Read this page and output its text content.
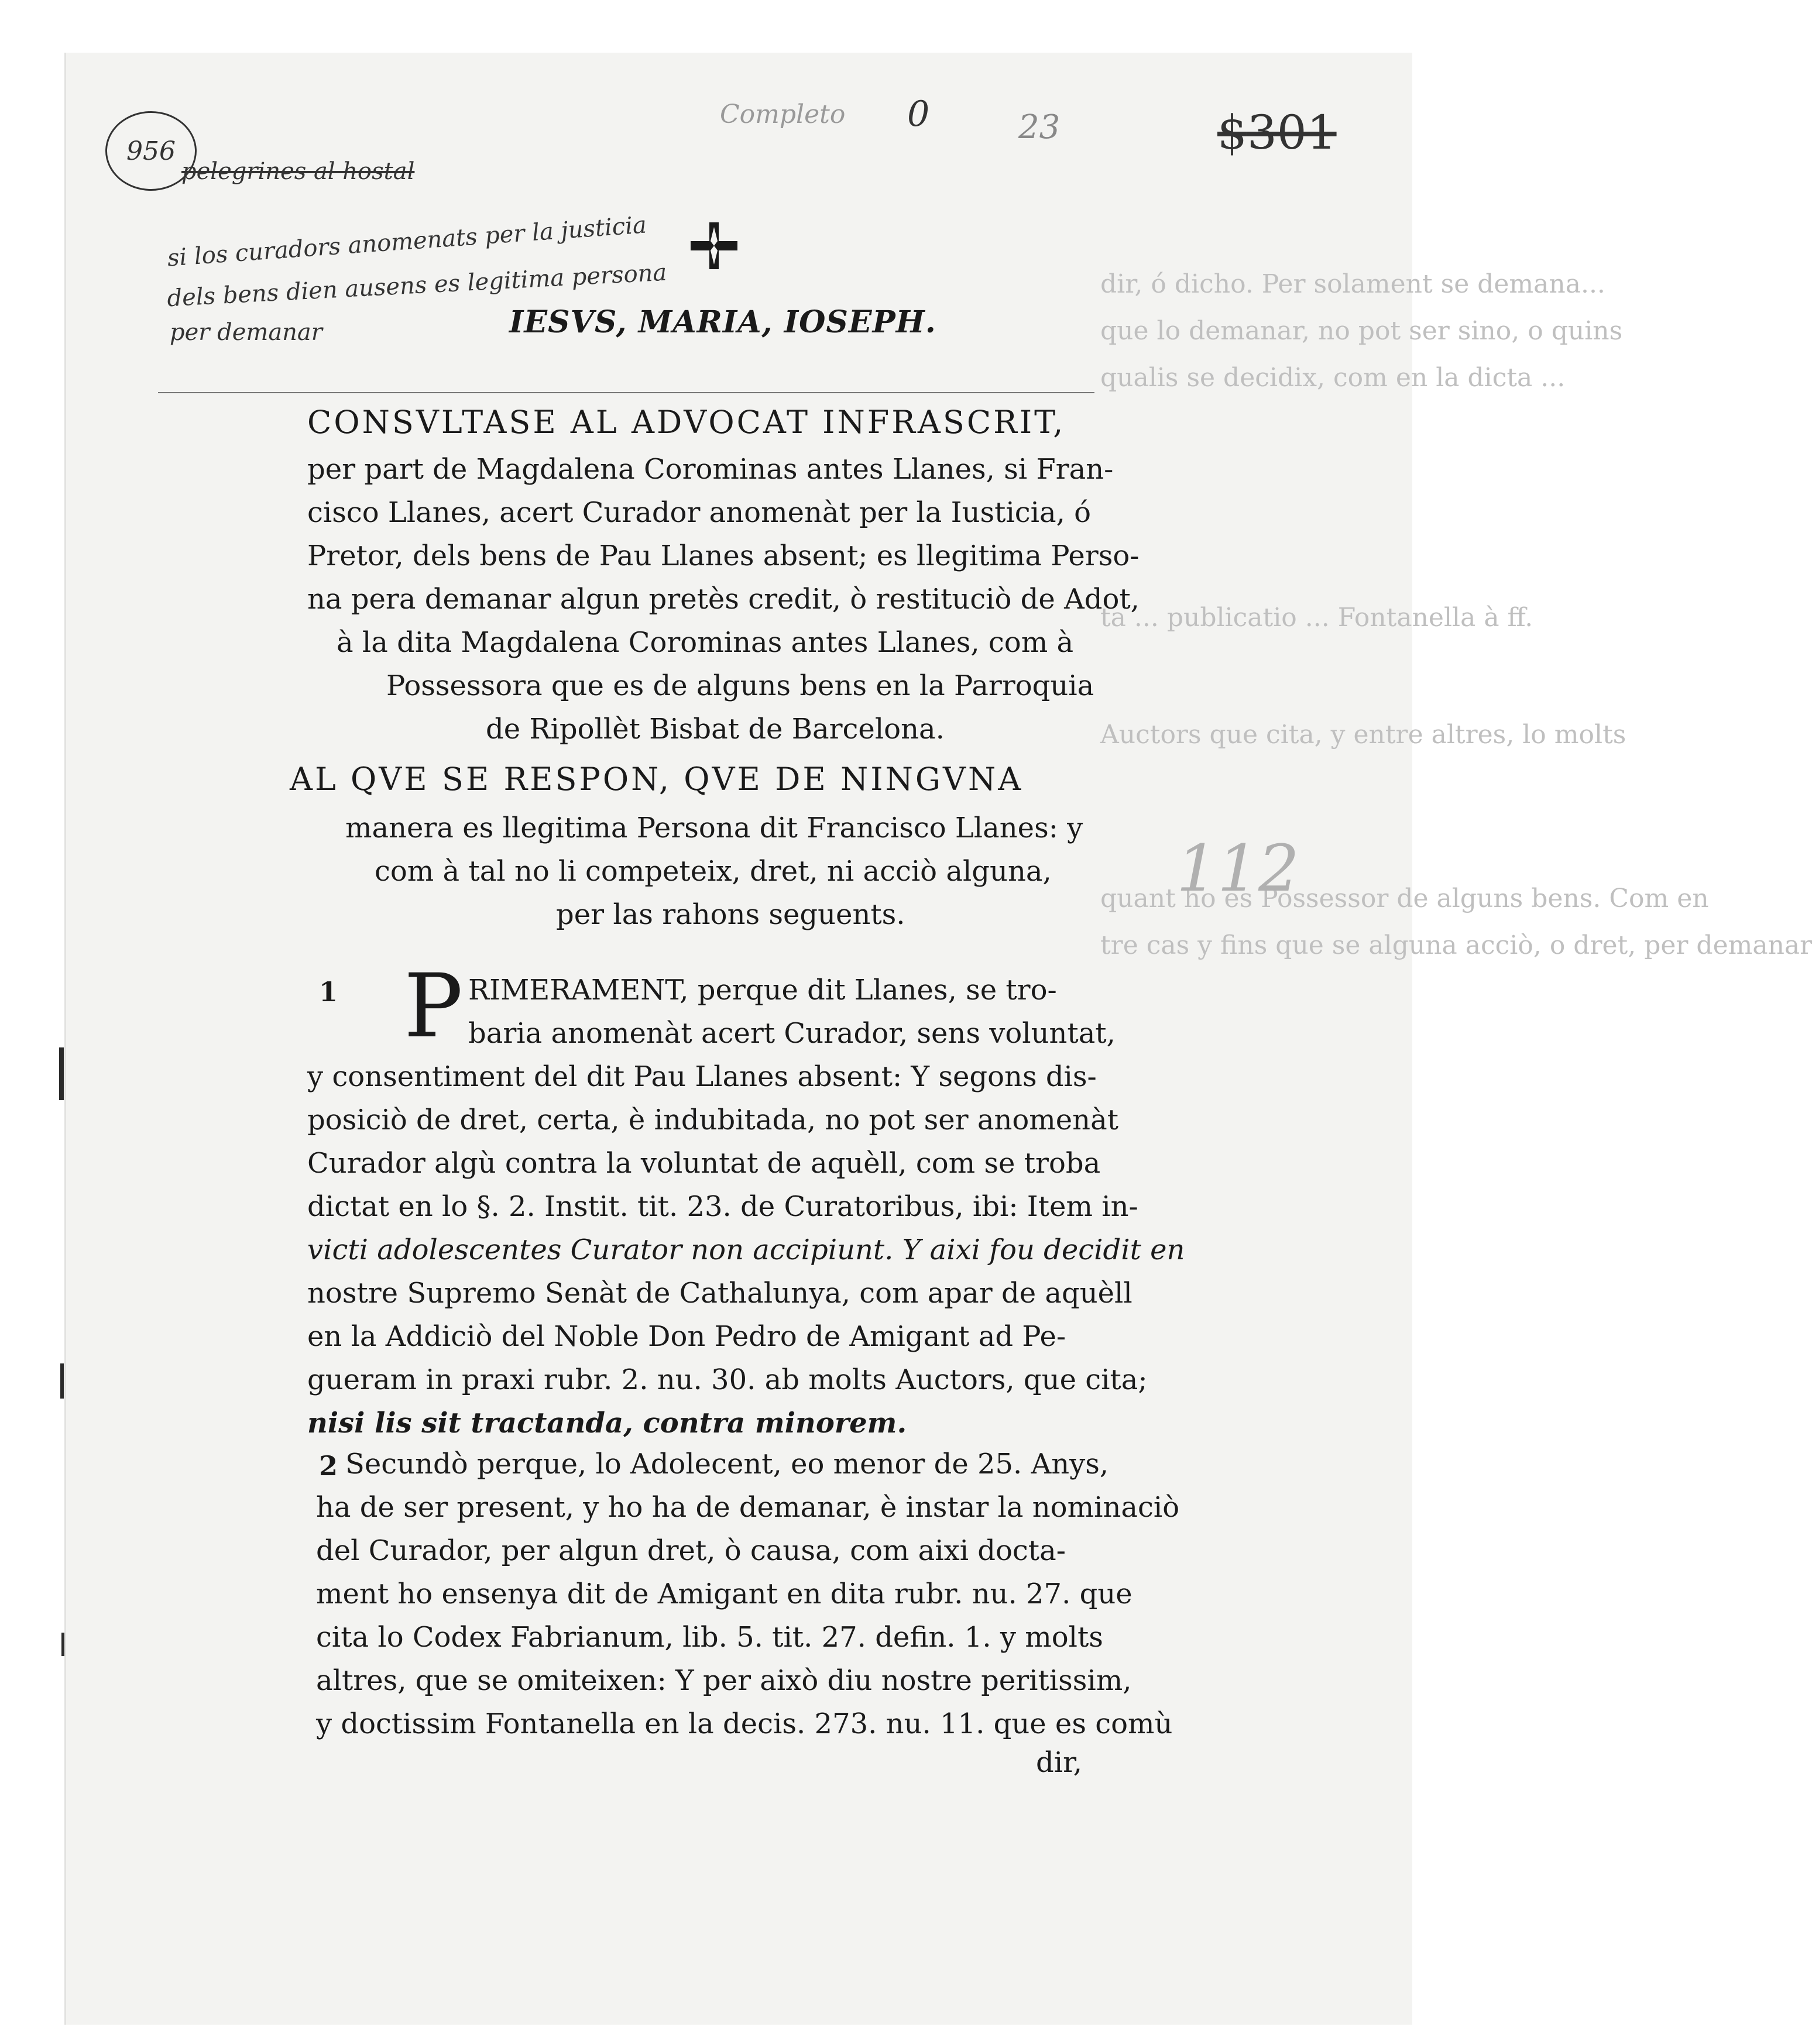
dir, ó dicho. Per solament se demana...
que lo demanar, no pot ser sino, o quins
qualis se decidix, com en la dicta ...
ta ... publicatio ... Fontanella à ff.
Auctors que cita, y entre altres, lo molts
quant ho es Possessor de alguns bens. Com en
tre cas y fins que se alguna acciò, o dret, per demanar
956
pelegrines al hostal
si los curadors anomenats per la justicia
dels bens dien ausens es legitima persona
per demanar
Completo 0	23	$301
112
IESVS, MARIA, IOSEPH.
CONSVLTASE AL ADVOCAT INFRASCRIT,
per part de Magdalena Corominas antes Llanes, si Fran-
cisco Llanes, acert Curador anomenàt per la Iusticia, ó
Pretor, dels bens de Pau Llanes absent; es llegitima Perso-
na pera demanar algun pretès credit, ò restituciò de Adot,
à la dita Magdalena Corominas antes Llanes, com à
Possessora que es de alguns bens en la Parroquia
de Ripollèt Bisbat de Barcelona.
AL QVE SE RESPON, QVE DE NINGVNA
manera es llegitima Persona dit Francisco Llanes: y
com à tal no li competeix, dret, ni acciò alguna,
per las rahons seguents.
1 P RIMERAMENT, perque dit Llanes, se tro-
baria anomenàt acert Curador, sens voluntat,
y consentiment del dit Pau Llanes absent: Y segons dis-
posiciò de dret, certa, è indubitada, no pot ser anomenàt
Curador algù contra la voluntat de aquèll, com se troba
dictat en lo §. 2. Instit. tit. 23. de Curatoribus, ibi: Item in-
victi adolescentes Curator non accipiunt. Y aixi fou decidit en
nostre Supremo Senàt de Cathalunya, com apar de aquèll
en la Addiciò del Noble Don Pedro de Amigant ad Pe-
gueram in praxi rubr. 2. nu. 30. ab molts Auctors, que cita;
nisi lis sit tractanda, contra minorem.
2 Secundò perque, lo Adolecent, eo menor de 25. Anys,
ha de ser present, y ho ha de demanar, è instar la nominaciò
del Curador, per algun dret, ò causa, com aixi docta-
ment ho ensenya dit de Amigant en dita rubr. nu. 27. que
cita lo Codex Fabrianum, lib. 5. tit. 27. defin. 1. y molts
altres, que se omiteixen: Y per això diu nostre peritissim,
y doctissim Fontanella en la decis. 273. nu. 11. que es comù
dir,
